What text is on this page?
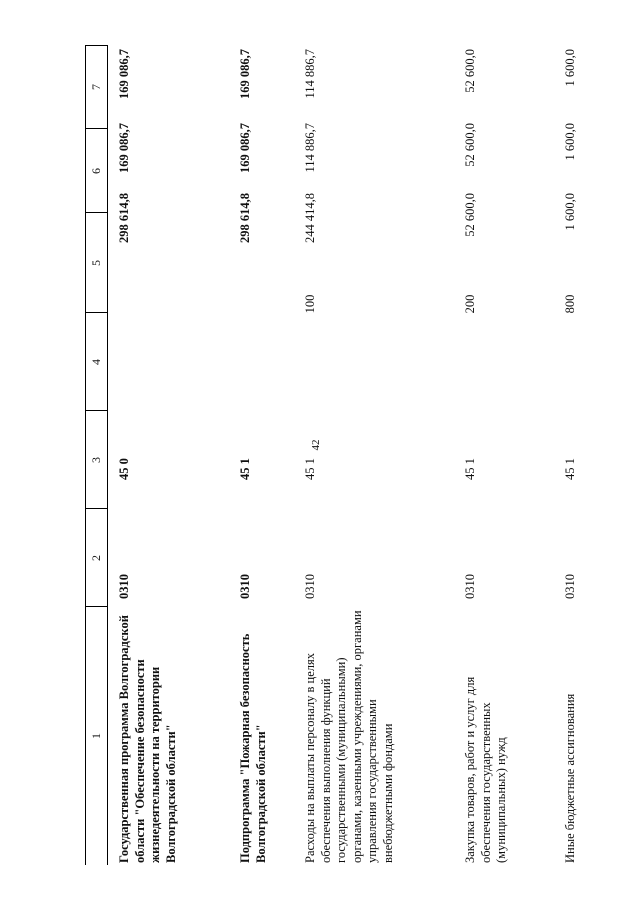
42
1
2
3
4
5
6
7
Государственная программа Волгоградской области "Обеспечение безопасности жизнедеятельности на территории Волгоградской области"
0310
45 0
298 614,8
169 086,7
169 086,7
Подпрограмма "Пожарная безопасность Волгоградской области"
0310
45 1
298 614,8
169 086,7
169 086,7
Расходы на выплаты персоналу в целях обеспечения выполнения функций государственными (муниципальными) органами, казенными учреждениями, органами управления государственными внебюджетными фондами
0310
45 1
100
244 414,8
114 886,7
114 886,7
Закупка товаров, работ и услуг для обеспечения государственных (муниципальных) нужд
0310
45 1
200
52 600,0
52 600,0
52 600,0
Иные бюджетные ассигнования
0310
45 1
800
1 600,0
1 600,0
1 600,0
